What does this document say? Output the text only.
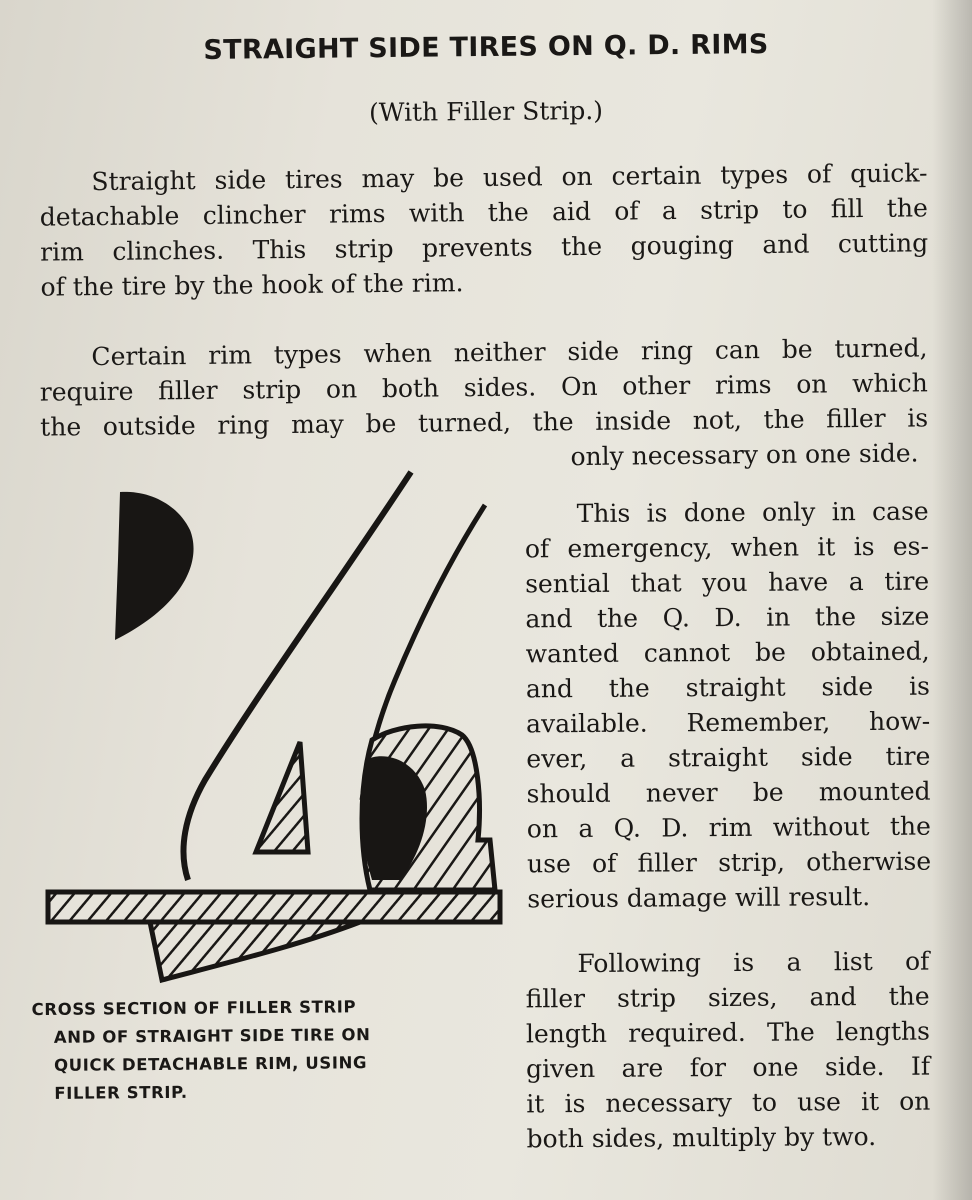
STRAIGHT SIDE TIRES ON Q. D. RIMS
(With Filler Strip.)
Straight side tires may be used on certain types of quick-
detachable clincher rims with the aid of a strip to fill the
rim clinches. This strip prevents the gouging and cutting
of the tire by the hook of the rim.
Certain rim types when neither side ring can be turned,
require filler strip on both sides. On other rims on which
the outside ring may be turned, the inside not, the filler is
only necessary on one side.
This is done only in case
of emergency, when it is es-
sential that you have a tire
and the Q. D. in the size
wanted cannot be obtained,
and the straight side is
available. Remember, how-
ever, a straight side tire
should never be mounted
on a Q. D. rim without the
use of filler strip, otherwise
serious damage will result.
Following is a list of
filler strip sizes, and the
length required. The lengths
given are for one side. If
it is necessary to use it on
both sides, multiply by two.
CROSS SECTION OF FILLER STRIP
AND OF STRAIGHT SIDE TIRE ON
QUICK DETACHABLE RIM, USING
FILLER STRIP.
